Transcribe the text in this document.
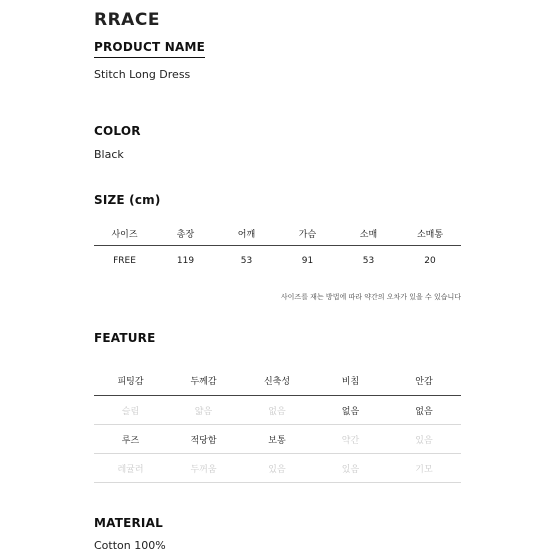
RRACE
PRODUCT NAME
Stitch Long Dress
COLOR
Black
SIZE (cm)
사이즈	총장	어깨	가슴	소매	소매통
FREE	119	53	91	53	20
사이즈를 재는 방법에 따라 약간의 오차가 있을 수 있습니다
FEATURE
피팅감	두께감	신축성	비침	안감
슬림	얇음	없음	없음	없음
루즈	적당함	보통	약간	있음
레귤러	두꺼움	있음	있음	기모
MATERIAL
Cotton 100%
